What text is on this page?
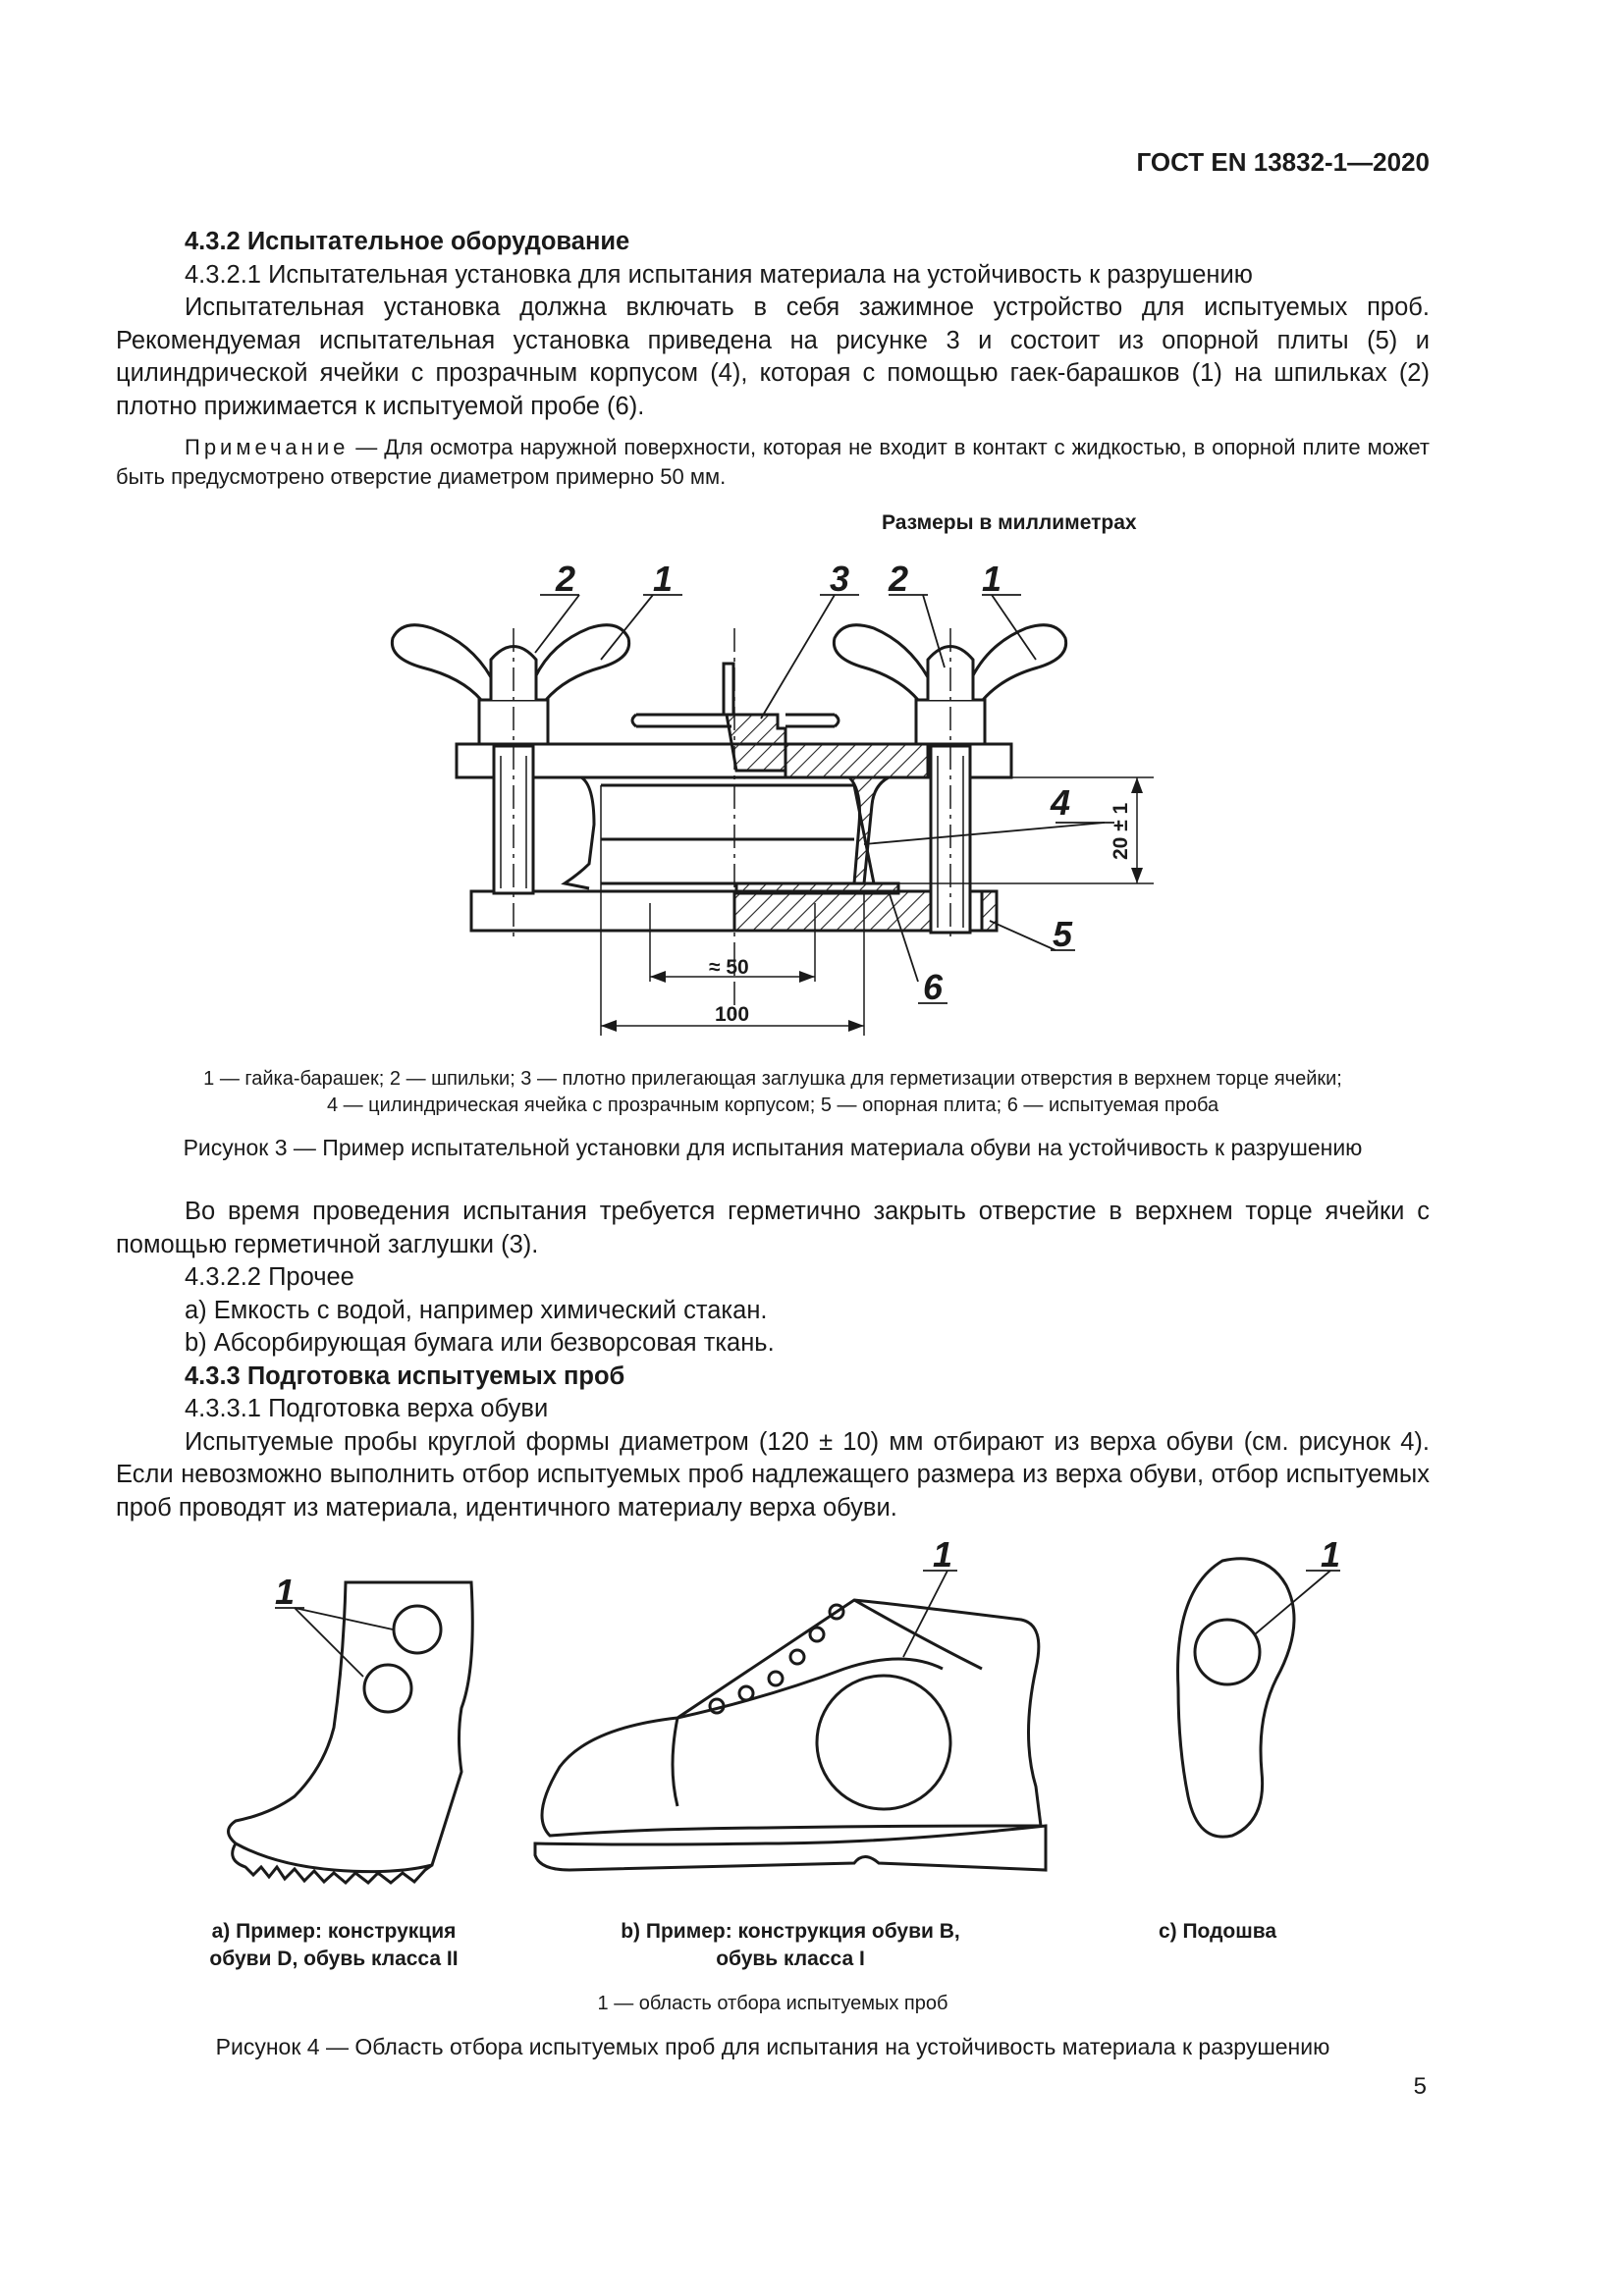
ГОСТ EN 13832-1—2020

4.3.2 Испытательное оборудование

4.3.2.1 Испытательная установка для испытания материала на устойчивость к разрушению

Испытательная установка должна включать в себя зажимное устройство для испытуемых проб. Рекомендуемая испытательная установка приведена на рисунке 3 и состоит из опорной плиты (5) и цилиндрической ячейки с прозрачным корпусом (4), которая с помощью гаек-барашков (1) на шпильках (2) плотно прижимается к испытуемой пробе (6).

Примечание — Для осмотра наружной поверхности, которая не входит в контакт с жидкостью, в опорной плите может быть предусмотрено отверстие диаметром примерно 50 мм.

Размеры в миллиметрах
2 1	3 2 1
4
5
6
20 ± 1
≈ 50
100
1 — гайка-барашек; 2 — шпильки; 3 — плотно прилегающая заглушка для герметизации отверстия в верхнем торце ячейки;
4 — цилиндрическая ячейка с прозрачным корпусом; 5 — опорная плита; 6 — испытуемая проба
Рисунок 3 — Пример испытательной установки для испытания материала обуви на устойчивость к разрушению

Во время проведения испытания требуется герметично закрыть отверстие в верхнем торце ячейки с помощью герметичной заглушки (3).

4.3.2.2 Прочее

a) Емкость с водой, например химический стакан.

b) Абсорбирующая бумага или безворсовая ткань.

4.3.3 Подготовка испытуемых проб

4.3.3.1 Подготовка верха обуви

Испытуемые пробы круглой формы диаметром (120 ± 10) мм отбирают из верха обуви (см. рисунок 4). Если невозможно выполнить отбор испытуемых проб надлежащего размера из верха обуви, отбор испытуемых проб проводят из материала, идентичного материалу верха обуви.

1
1	1
a) Пример: конструкция
обуви D, обувь класса II
b) Пример: конструкция обуви B,
обувь класса I
c) Подошва
1 — область отбора испытуемых проб
Рисунок 4 — Область отбора испытуемых проб для испытания на устойчивость материала к разрушению
5
